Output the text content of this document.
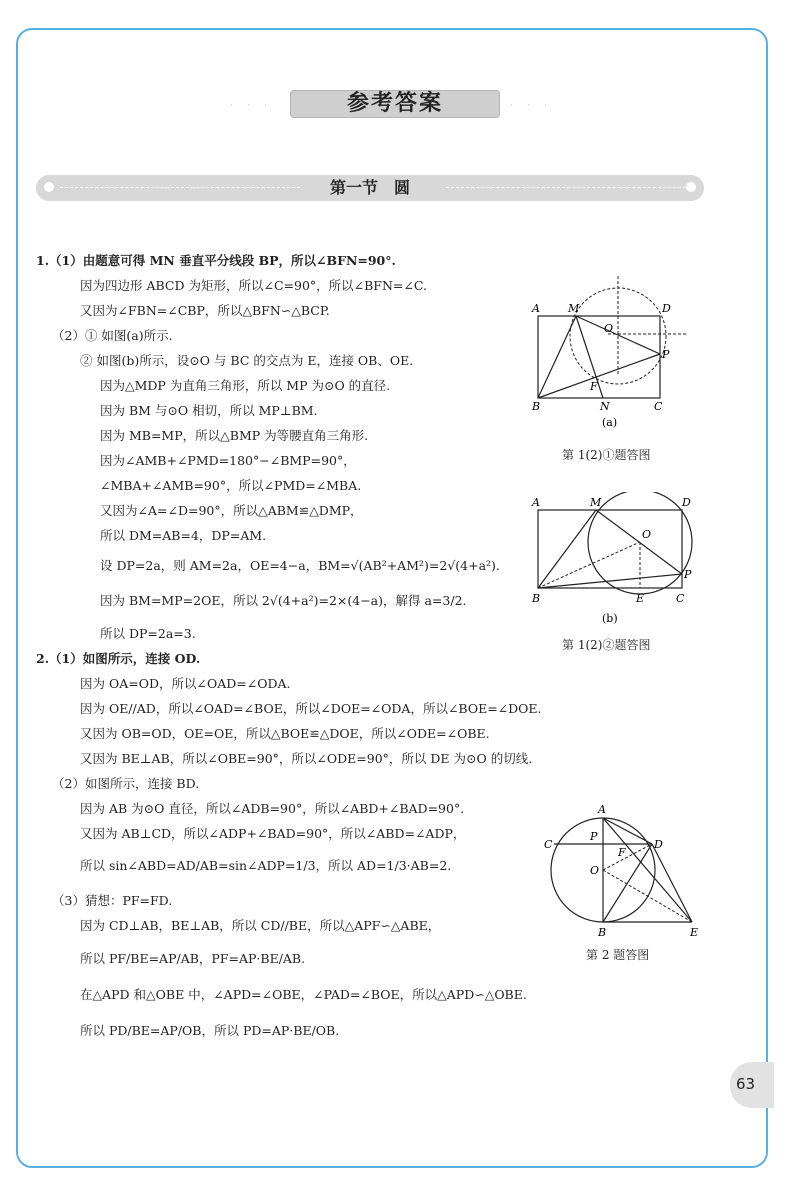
· · ·	参考答案	· · ·
第一节　圆
1.（1）由题意可得 MN 垂直平分线段 BP，所以∠BFN=90°.
因为四边形 ABCD 为矩形，所以∠C=90°，所以∠BFN=∠C.
又因为∠FBN=∠CBP，所以△BFN∽△BCP.
（2）① 如图(a)所示.
② 如图(b)所示，设⊙O 与 BC 的交点为 E，连接 OB、OE.
因为△MDP 为直角三角形，所以 MP 为⊙O 的直径.
因为 BM 与⊙O 相切，所以 MP⊥BM.
因为 MB=MP，所以△BMP 为等腰直角三角形.
因为∠AMB+∠PMD=180°−∠BMP=90°，
∠MBA+∠AMB=90°，所以∠PMD=∠MBA.
又因为∠A=∠D=90°，所以△ABM≌△DMP，
所以 DM=AB=4，DP=AM.
设 DP=2a，则 AM=2a，OE=4−a，BM=√(AB²+AM²)=2√(4+a²).
因为 BM=MP=2OE，所以 2√(4+a²)=2×(4−a)，解得 a=3/2.
所以 DP=2a=3.
2.（1）如图所示，连接 OD.
因为 OA=OD，所以∠OAD=∠ODA.
因为 OE//AD，所以∠OAD=∠BOE，所以∠DOE=∠ODA，所以∠BOE=∠DOE.
又因为 OB=OD，OE=OE，所以△BOE≌△DOE，所以∠ODE=∠OBE.
又因为 BE⊥AB，所以∠OBE=90°，所以∠ODE=90°，所以 DE 为⊙O 的切线.
（2）如图所示，连接 BD.
因为 AB 为⊙O 直径，所以∠ADB=90°，所以∠ABD+∠BAD=90°.
又因为 AB⊥CD，所以∠ADP+∠BAD=90°，所以∠ABD=∠ADP，
所以 sin∠ABD=AD/AB=sin∠ADP=1/3，所以 AD=1/3·AB=2.
（3）猜想：PF=FD.
因为 CD⊥AB，BE⊥AB，所以 CD//BE，所以△APF∽△ABE，
所以 PF/BE=AP/AB，PF=AP·BE/AB.
在△APD 和△OBE 中，∠APD=∠OBE，∠PAD=∠BOE，所以△APD∽△OBE.
所以 PD/BE=AP/OB，所以 PD=AP·BE/OB.
A	M	D
O
P
F
B	N	C
(a)
第 1(2)①题答图
A	M	D
O
P
B	E	C
(b)
第 1(2)②题答图
A
P
C	D
F
O
B	E
第 2 题答图
63
